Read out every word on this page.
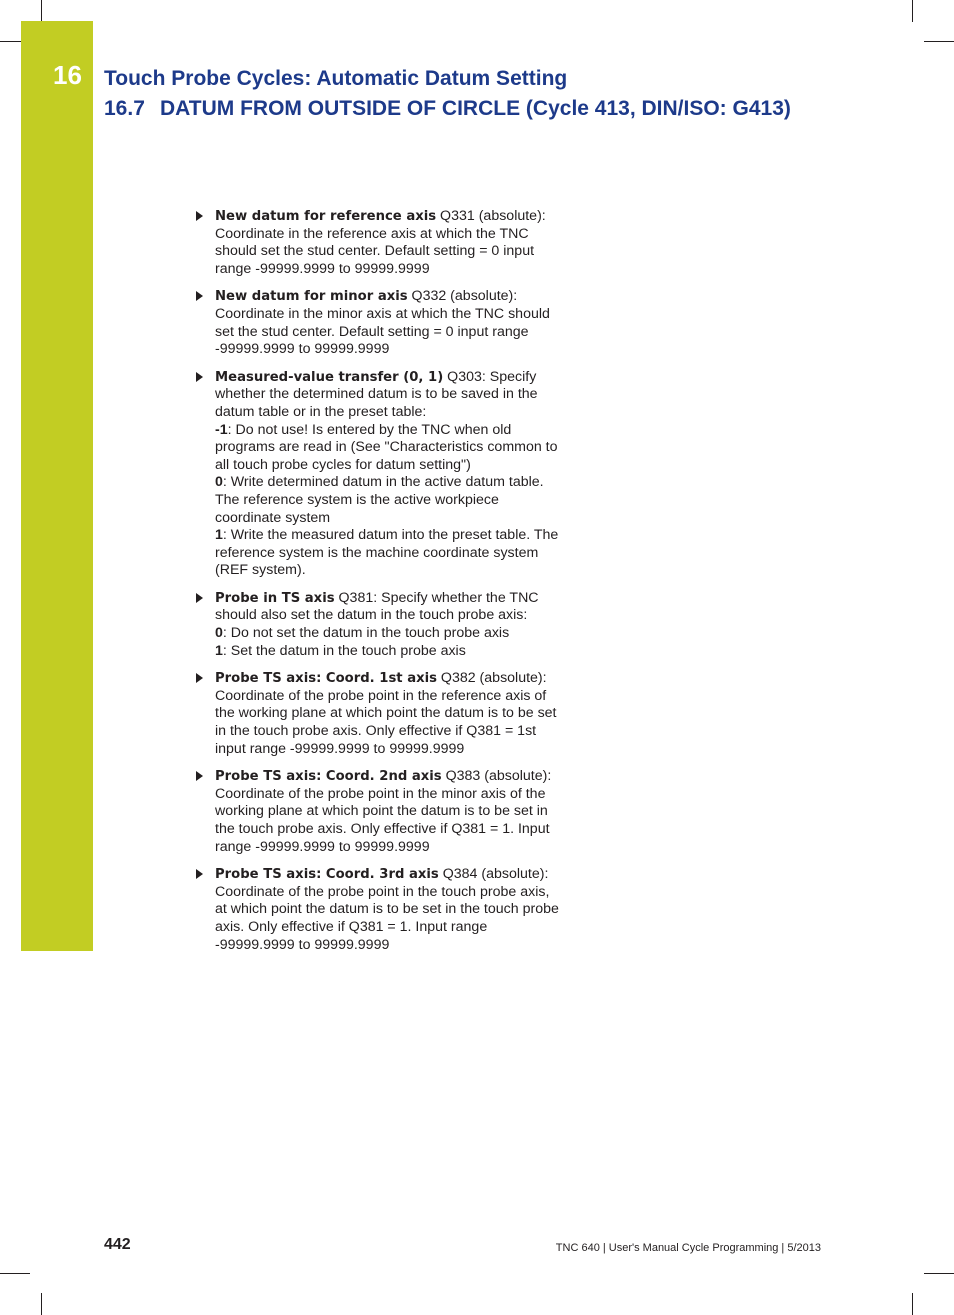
16 Touch Probe Cycles: Automatic Datum Setting
16.7 DATUM FROM OUTSIDE OF CIRCLE (Cycle 413, DIN/ISO: G413)
New datum for reference axis Q331 (absolute): Coordinate in the reference axis at which the TNC should set the stud center. Default setting = 0 input range -99999.9999 to 99999.9999
New datum for minor axis Q332 (absolute): Coordinate in the minor axis at which the TNC should set the stud center. Default setting = 0 input range -99999.9999 to 99999.9999
Measured-value transfer (0, 1) Q303: Specify whether the determined datum is to be saved in the datum table or in the preset table:
-1: Do not use! Is entered by the TNC when old programs are read in (See "Characteristics common to all touch probe cycles for datum setting")
0: Write determined datum in the active datum table. The reference system is the active workpiece coordinate system
1: Write the measured datum into the preset table. The reference system is the machine coordinate system (REF system).
Probe in TS axis Q381: Specify whether the TNC should also set the datum in the touch probe axis:
0: Do not set the datum in the touch probe axis
1: Set the datum in the touch probe axis
Probe TS axis: Coord. 1st axis Q382 (absolute): Coordinate of the probe point in the reference axis of the working plane at which point the datum is to be set in the touch probe axis. Only effective if Q381 = 1st input range -99999.9999 to 99999.9999
Probe TS axis: Coord. 2nd axis Q383 (absolute): Coordinate of the probe point in the minor axis of the working plane at which point the datum is to be set in the touch probe axis. Only effective if Q381 = 1. Input range -99999.9999 to 99999.9999
Probe TS axis: Coord. 3rd axis Q384 (absolute): Coordinate of the probe point in the touch probe axis, at which point the datum is to be set in the touch probe axis. Only effective if Q381 = 1. Input range -99999.9999 to 99999.9999
442	TNC 640 | User's Manual Cycle Programming | 5/2013
